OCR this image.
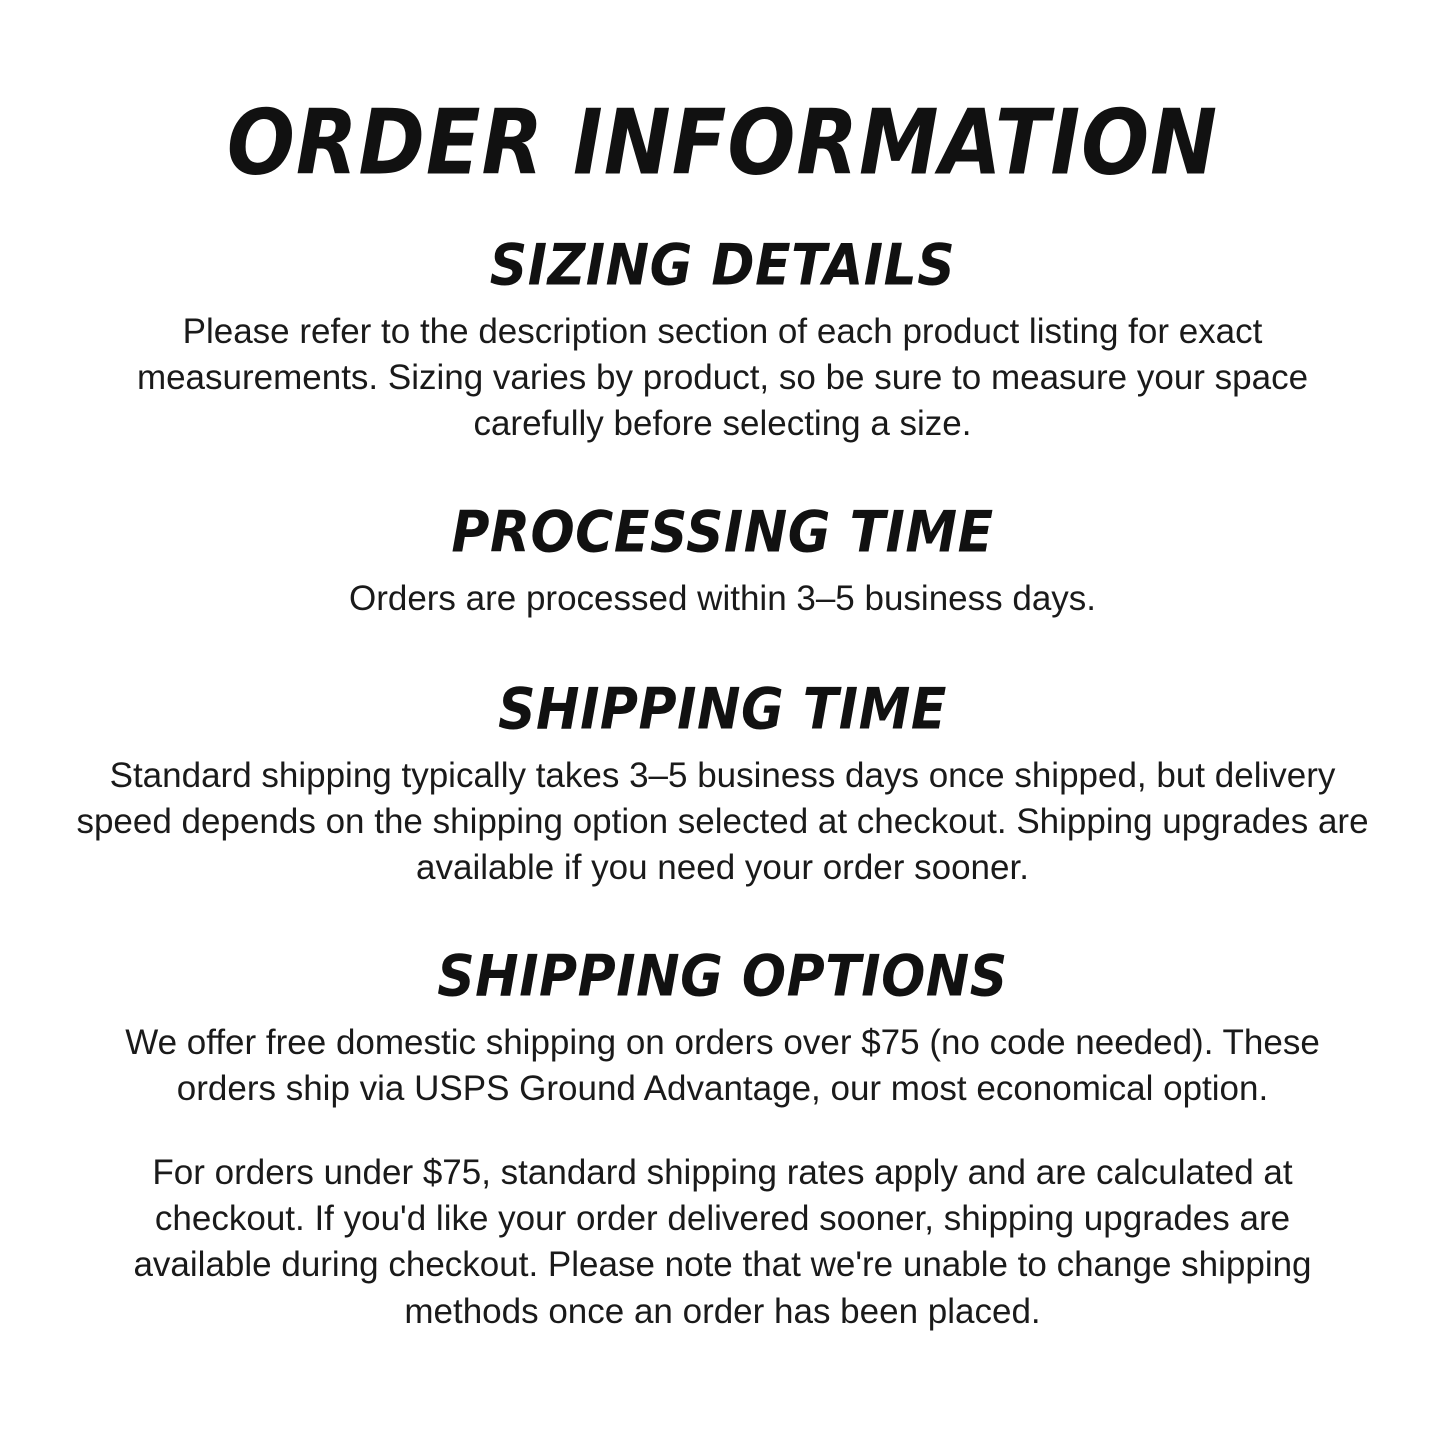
ORDER INFORMATION
SIZING DETAILS

Please refer to the description section of each product listing for exact measurements. Sizing varies by product, so be sure to measure your space carefully before selecting a size.

PROCESSING TIME

Orders are processed within 3–5 business days.

SHIPPING TIME

Standard shipping typically takes 3–5 business days once shipped, but delivery speed depends on the shipping option selected at checkout. Shipping upgrades are available if you need your order sooner.

SHIPPING OPTIONS

We offer free domestic shipping on orders over $75 (no code needed). These orders ship via USPS Ground Advantage, our most economical option.

For orders under $75, standard shipping rates apply and are calculated at checkout. If you'd like your order delivered sooner, shipping upgrades are available during checkout. Please note that we're unable to change shipping methods once an order has been placed.
